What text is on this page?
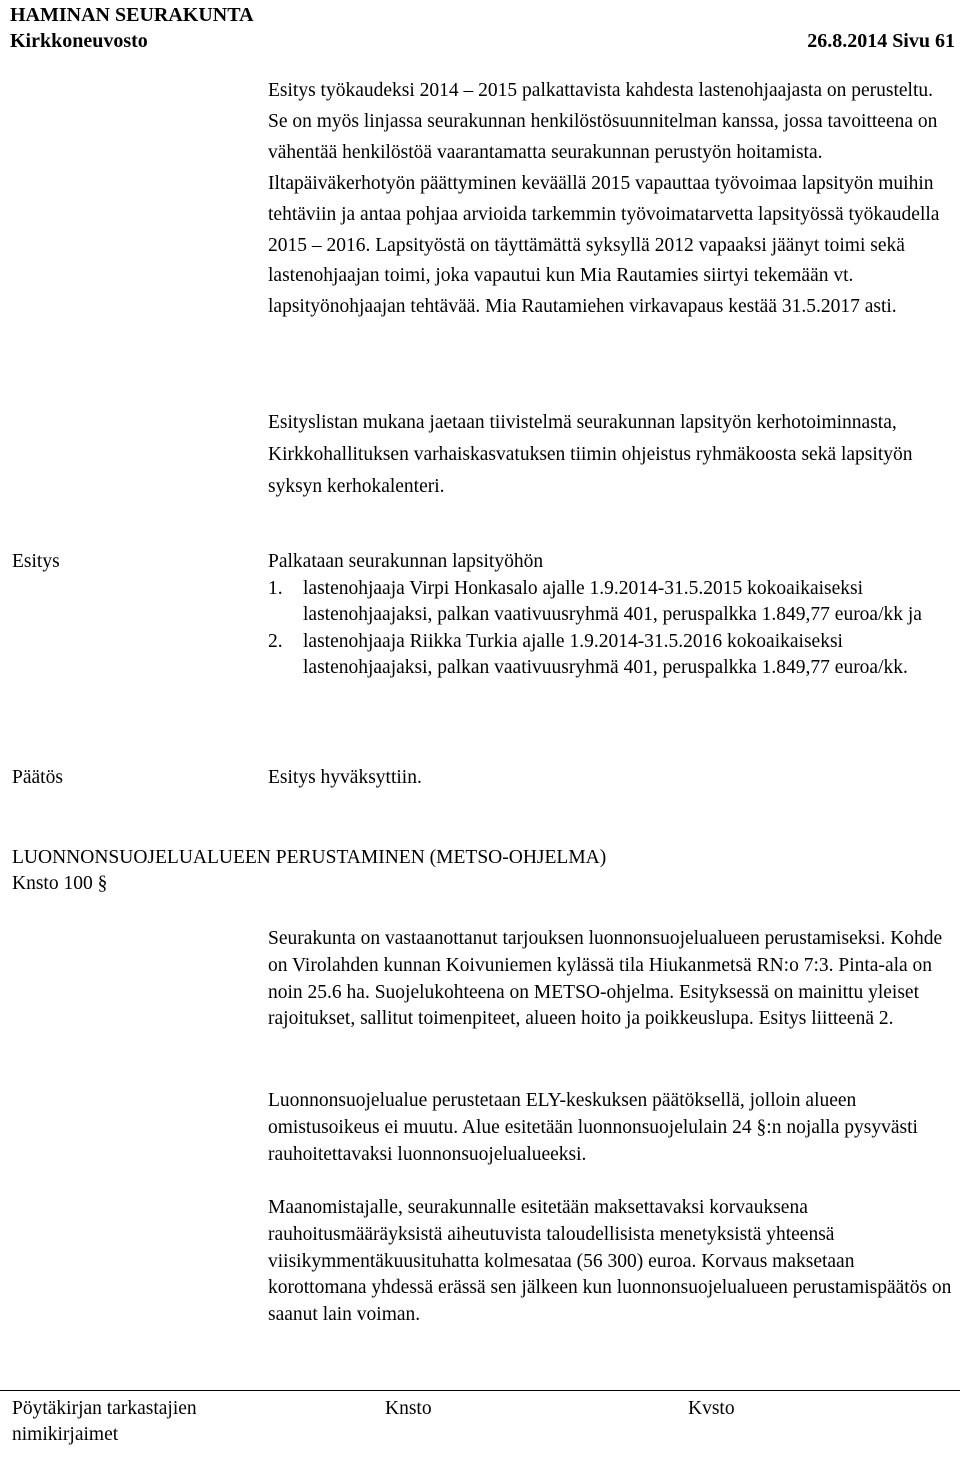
HAMINAN SEURAKUNTA
Kirkkoneuvosto	26.8.2014 Sivu 61

Esitys työkaudeksi 2014 – 2015 palkattavista kahdesta lastenohjaajasta on perusteltu. Se on myös linjassa seurakunnan henkilöstösuunnitelman kanssa, jossa tavoitteena on vähentää henkilöstöä vaarantamatta seurakunnan perustyön hoitamista. Iltapäiväkerhotyön päättyminen keväällä 2015 vapauttaa työvoimaa lapsityön muihin tehtäviin ja antaa pohjaa arvioida tarkemmin työvoimatarvetta lapsityössä työkaudella 2015 – 2016. Lapsityöstä on täyttämättä syksyllä 2012 vapaaksi jäänyt toimi sekä lastenohjaajan toimi, joka vapautui kun Mia Rautamies siirtyi tekemään vt. lapsityönohjaajan tehtävää. Mia Rautamiehen virkavapaus kestää 31.5.2017 asti.

Esityslistan mukana jaetaan tiivistelmä seurakunnan lapsityön kerhotoiminnasta, Kirkkohallituksen varhaiskasvatuksen tiimin ohjeistus ryhmäkoosta sekä lapsityön syksyn kerhokalenteri.

Esitys	Palkataan seurakunnan lapsityöhön
1. lastenohjaaja Virpi Honkasalo ajalle 1.9.2014-31.5.2015 kokoaikaiseksi lastenohjaajaksi, palkan vaativuusryhmä 401, peruspalkka 1.849,77 euroa/kk ja
2. lastenohjaaja Riikka Turkia ajalle 1.9.2014-31.5.2016 kokoaikaiseksi lastenohjaajaksi, palkan vaativuusryhmä 401, peruspalkka 1.849,77 euroa/kk.
Päätös	Esitys hyväksyttiin.
LUONNONSUOJELUALUEEN PERUSTAMINEN (METSO-OHJELMA)
Knsto 100 §

Seurakunta on vastaanottanut tarjouksen luonnonsuojelualueen perustamiseksi. Kohde on Virolahden kunnan Koivuniemen kylässä tila Hiukanmetsä RN:o 7:3. Pinta-ala on noin 25.6 ha. Suojelukohteena on METSO-ohjelma. Esityksessä on mainittu yleiset rajoitukset, sallitut toimenpiteet, alueen hoito ja poikkeuslupa. Esitys liitteenä 2.

Luonnonsuojelualue perustetaan ELY-keskuksen päätöksellä, jolloin alueen omistusoikeus ei muutu. Alue esitetään luonnonsuojelulain 24 §:n nojalla pysyvästi rauhoitettavaksi luonnonsuojelualueeksi.

Maanomistajalle, seurakunnalle esitetään maksettavaksi korvauksena rauhoitusmääräyksistä aiheutuvista taloudellisista menetyksistä yhteensä viisikymmentäkuusituhatta kolmesataa (56 300) euroa. Korvaus maksetaan korottomana yhdessä erässä sen jälkeen kun luonnonsuojelualueen perustamispäätös on saanut lain voiman.

Pöytäkirjan tarkastajien
nimikirjaimet
Knsto	Kvsto
